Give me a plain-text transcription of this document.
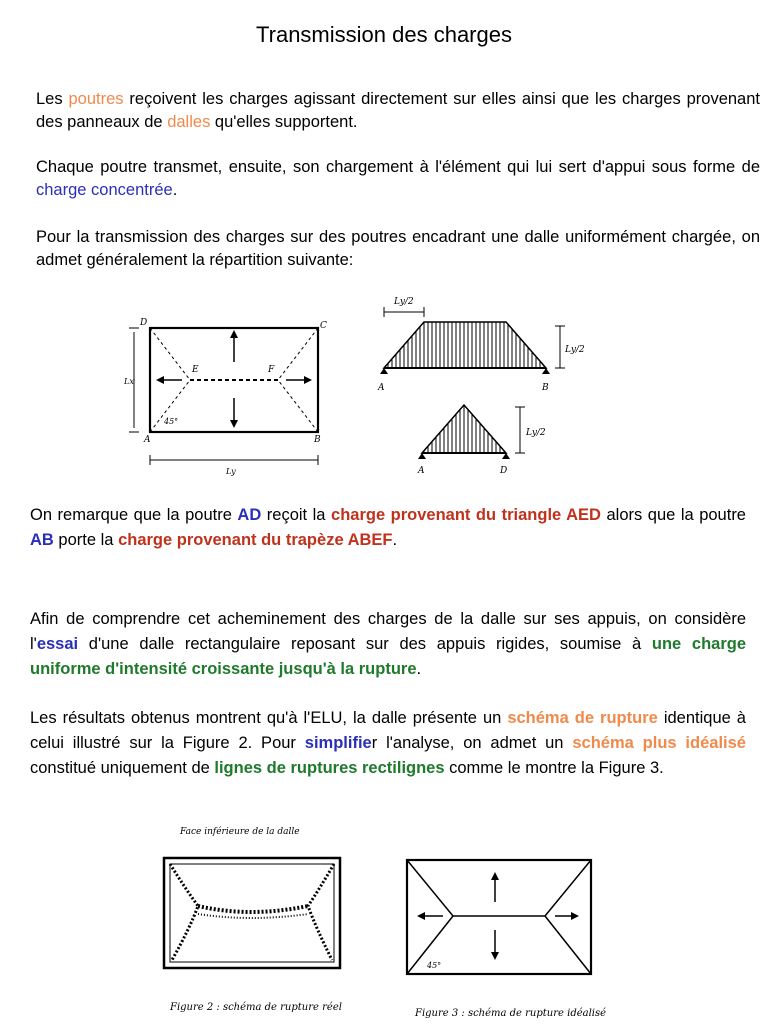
Transmission des charges
Les poutres reçoivent les charges agissant directement sur elles ainsi que les charges provenant des panneaux de dalles qu'elles supportent.
Chaque poutre transmet, ensuite, son chargement à l'élément qui lui sert d'appui sous forme de charge concentrée.
Pour la transmission des charges sur des poutres encadrant une dalle uniformément chargée, on admet généralement la répartition suivante:
D	C
A	B
E	F
Lx
Ly
45°
Ly/2
Ly/2
A	B
Ly/2
A	D
On remarque que la poutre AD reçoit la charge provenant du triangle AED alors que la poutre AB porte la charge provenant du trapèze ABEF.
Afin de comprendre cet acheminement des charges de la dalle sur ses appuis, on considère l'essai d'une dalle rectangulaire reposant sur des appuis rigides, soumise à une charge uniforme d'intensité croissante jusqu'à la rupture.
Les résultats obtenus montrent qu'à l'ELU, la dalle présente un schéma de rupture identique à celui illustré sur la Figure 2. Pour simplifier l'analyse, on admet un schéma plus idéalisé constitué uniquement de lignes de ruptures rectilignes comme le montre la Figure 3.
Face inférieure de la dalle
Figure 2 : schéma de rupture réel
45°
Figure 3 : schéma de rupture idéalisé
